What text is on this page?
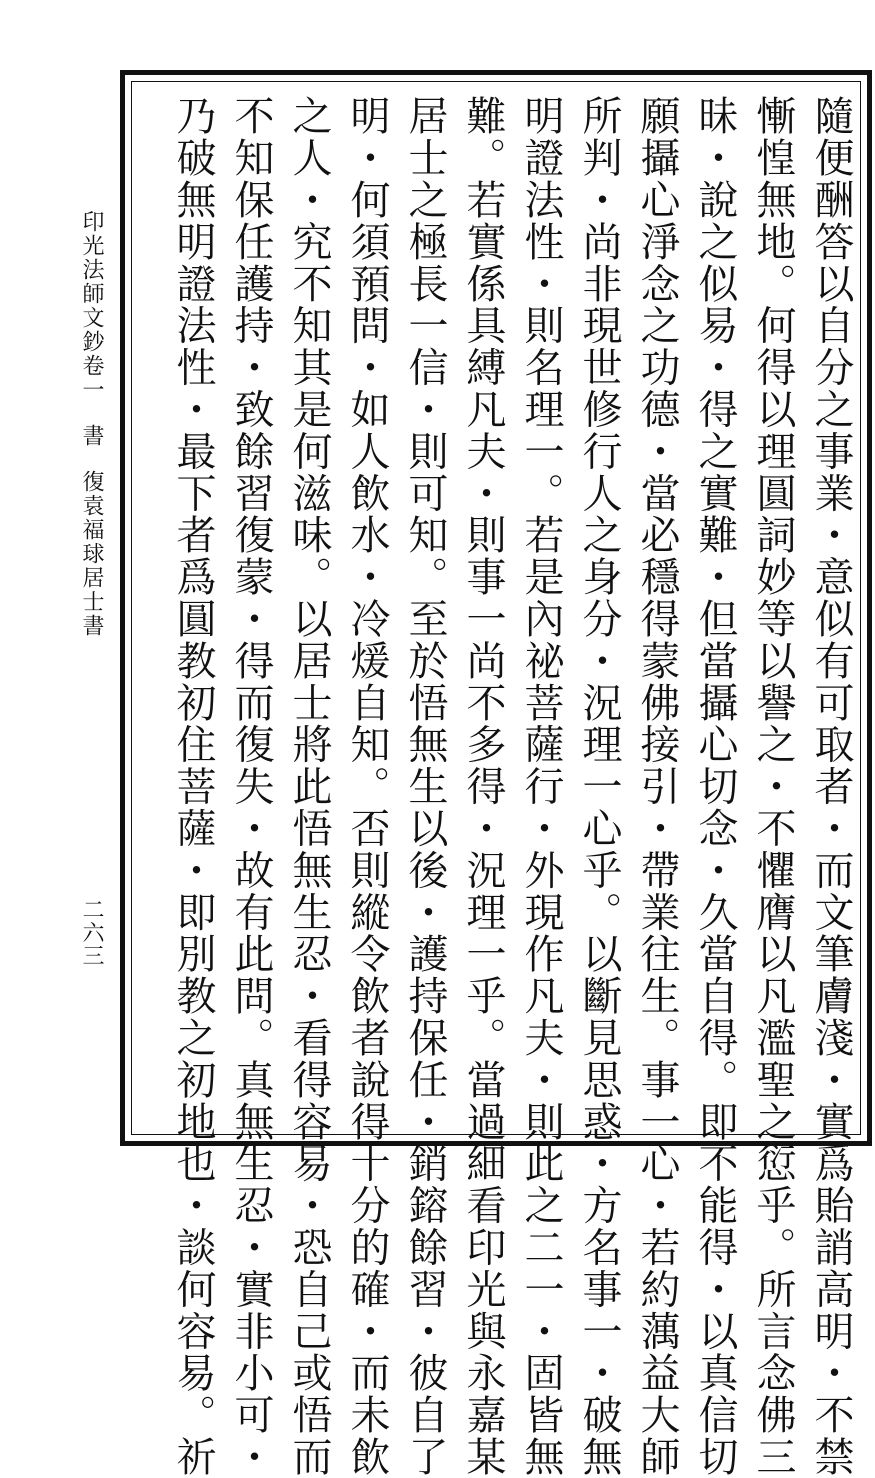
印光法師文鈔卷一書復袁福球居士書
二六三	隨便酬答以自分之事業・意似有可取者・而文筆膚淺・實爲貽誚高明・不禁
慚惶無地。何得以理圓詞妙等以譽之・不懼膺以凡濫聖之愆乎。所言念佛三
昧・說之似易・得之實難・但當攝心切念・久當自得。即不能得・以真信切
願攝心淨念之功德・當必穩得蒙佛接引・帶業往生。事一心・若約蕅益大師
所判・尚非現世修行人之身分・況理一心乎。以斷見思惑・方名事一・破無
明證法性・則名理一。若是內祕菩薩行・外現作凡夫・則此之二一・固皆無
難。若實係具縛凡夫・則事一尚不多得・況理一乎。當過細看印光與永嘉某
居士之極長一信・則可知。至於悟無生以後・護持保任・銷鎔餘習・彼自了
明・何須預問・如人飲水・冷煖自知。否則縱令飲者說得十分的確・而未飲
之人・究不知其是何滋味。以居士將此悟無生忍・看得容易・恐自己或悟而
不知保任護持・致餘習復蒙・得而復失・故有此問。真無生忍・實非小可・
乃破無明證法性・最下者爲圓教初住菩薩・即別教之初地也・談何容易。祈
